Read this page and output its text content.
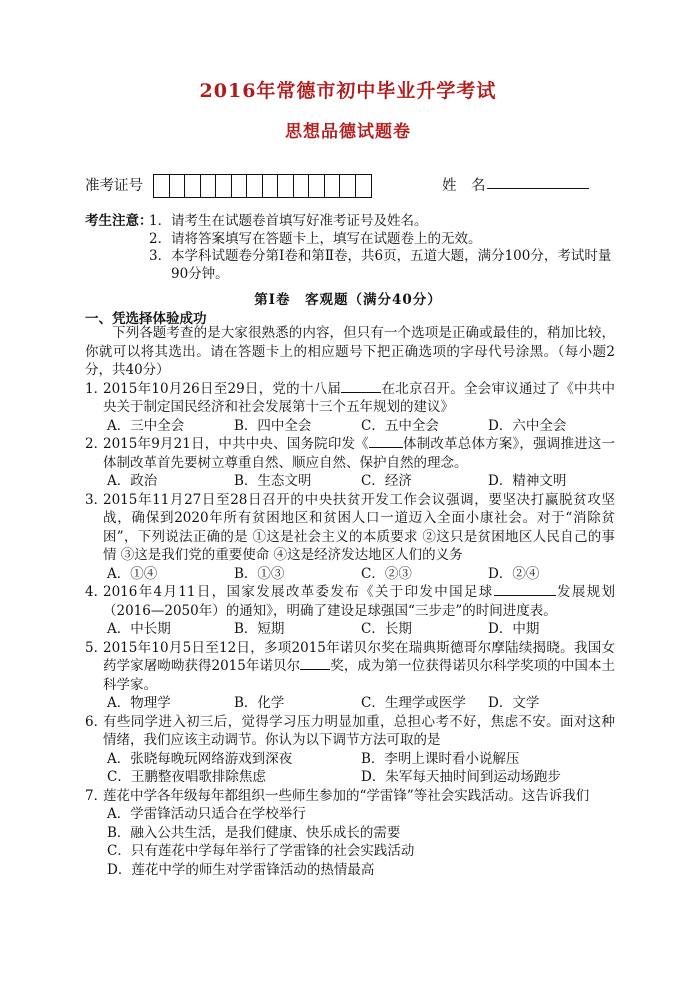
2016年常德市初中毕业升学考试
思想品德试题卷
准考证号	姓　名
考生注意：
1． 请考生在试题卷首填写好准考证号及姓名。
2． 请将答案填写在答题卡上，填写在试题卷上的无效。
3． 本学科试题卷分第Ⅰ卷和第Ⅱ卷，共6页，五道大题，满分100分，考试时量90分钟。
第Ⅰ卷　客观题（满分40分）
一、凭选择体验成功
下列各题考查的是大家很熟悉的内容，但只有一个选项是正确或最佳的，稍加比较，你就可以将其选出。请在答题卡上的相应题号下把正确选项的字母代号涂黑。（每小题2分，共40分）
1．
2015年10月26日至29日，党的十八届	在北京召开。全会审议通过了《中共中央关于制定国民经济和社会发展第十三个五年规划的建议》
A．三中全会	B．四中全会	C．五中全会	D．六中全会
2．
2015年9月21日，中共中央、国务院印发《	体制改革总体方案》，强调推进这一体制改革首先要树立尊重自然、顺应自然、保护自然的理念。
A．政治	B．生态文明	C．经济	D．精神文明
3．
2015年11月27日至28日召开的中央扶贫开发工作会议强调，要坚决打赢脱贫攻坚战，确保到2020年所有贫困地区和贫困人口一道迈入全面小康社会。对于“消除贫困”，下列说法正确的是 ①这是社会主义的本质要求 ②这只是贫困地区人民自己的事情 ③这是我们党的重要使命 ④这是经济发达地区人们的义务
A．①④	B．①③	C．②③	D．②④
4．
2016年4月11日，国家发展改革委发布《关于印发中国足球	发展规划（2016—2050年）的通知》，明确了建设足球强国“三步走”的时间进度表。
A．中长期	B．短期	C．长期	D．中期
5．
2015年10月5日至12日，多项2015年诺贝尔奖在瑞典斯德哥尔摩陆续揭晓。我国女药学家屠呦呦获得2015年诺贝尔 奖，成为第一位获得诺贝尔科学奖项的中国本土科学家。
A．物理学	B．化学	C．生理学或医学	D．文学
6．
有些同学进入初三后，觉得学习压力明显加重，总担心考不好，焦虑不安。面对这种情绪，我们应该主动调节。你认为以下调节方法可取的是
A．张晓每晚玩网络游戏到深夜	B．李明上课时看小说解压
C．王鹏整夜唱歌排除焦虑	D．朱军每天抽时间到运动场跑步
7．
莲花中学各年级每年都组织一些师生参加的“学雷锋”等社会实践活动。这告诉我们
A．学雷锋活动只适合在学校举行
B．融入公共生活，是我们健康、快乐成长的需要
C．只有莲花中学每年举行了学雷锋的社会实践活动
D．莲花中学的师生对学雷锋活动的热情最高
